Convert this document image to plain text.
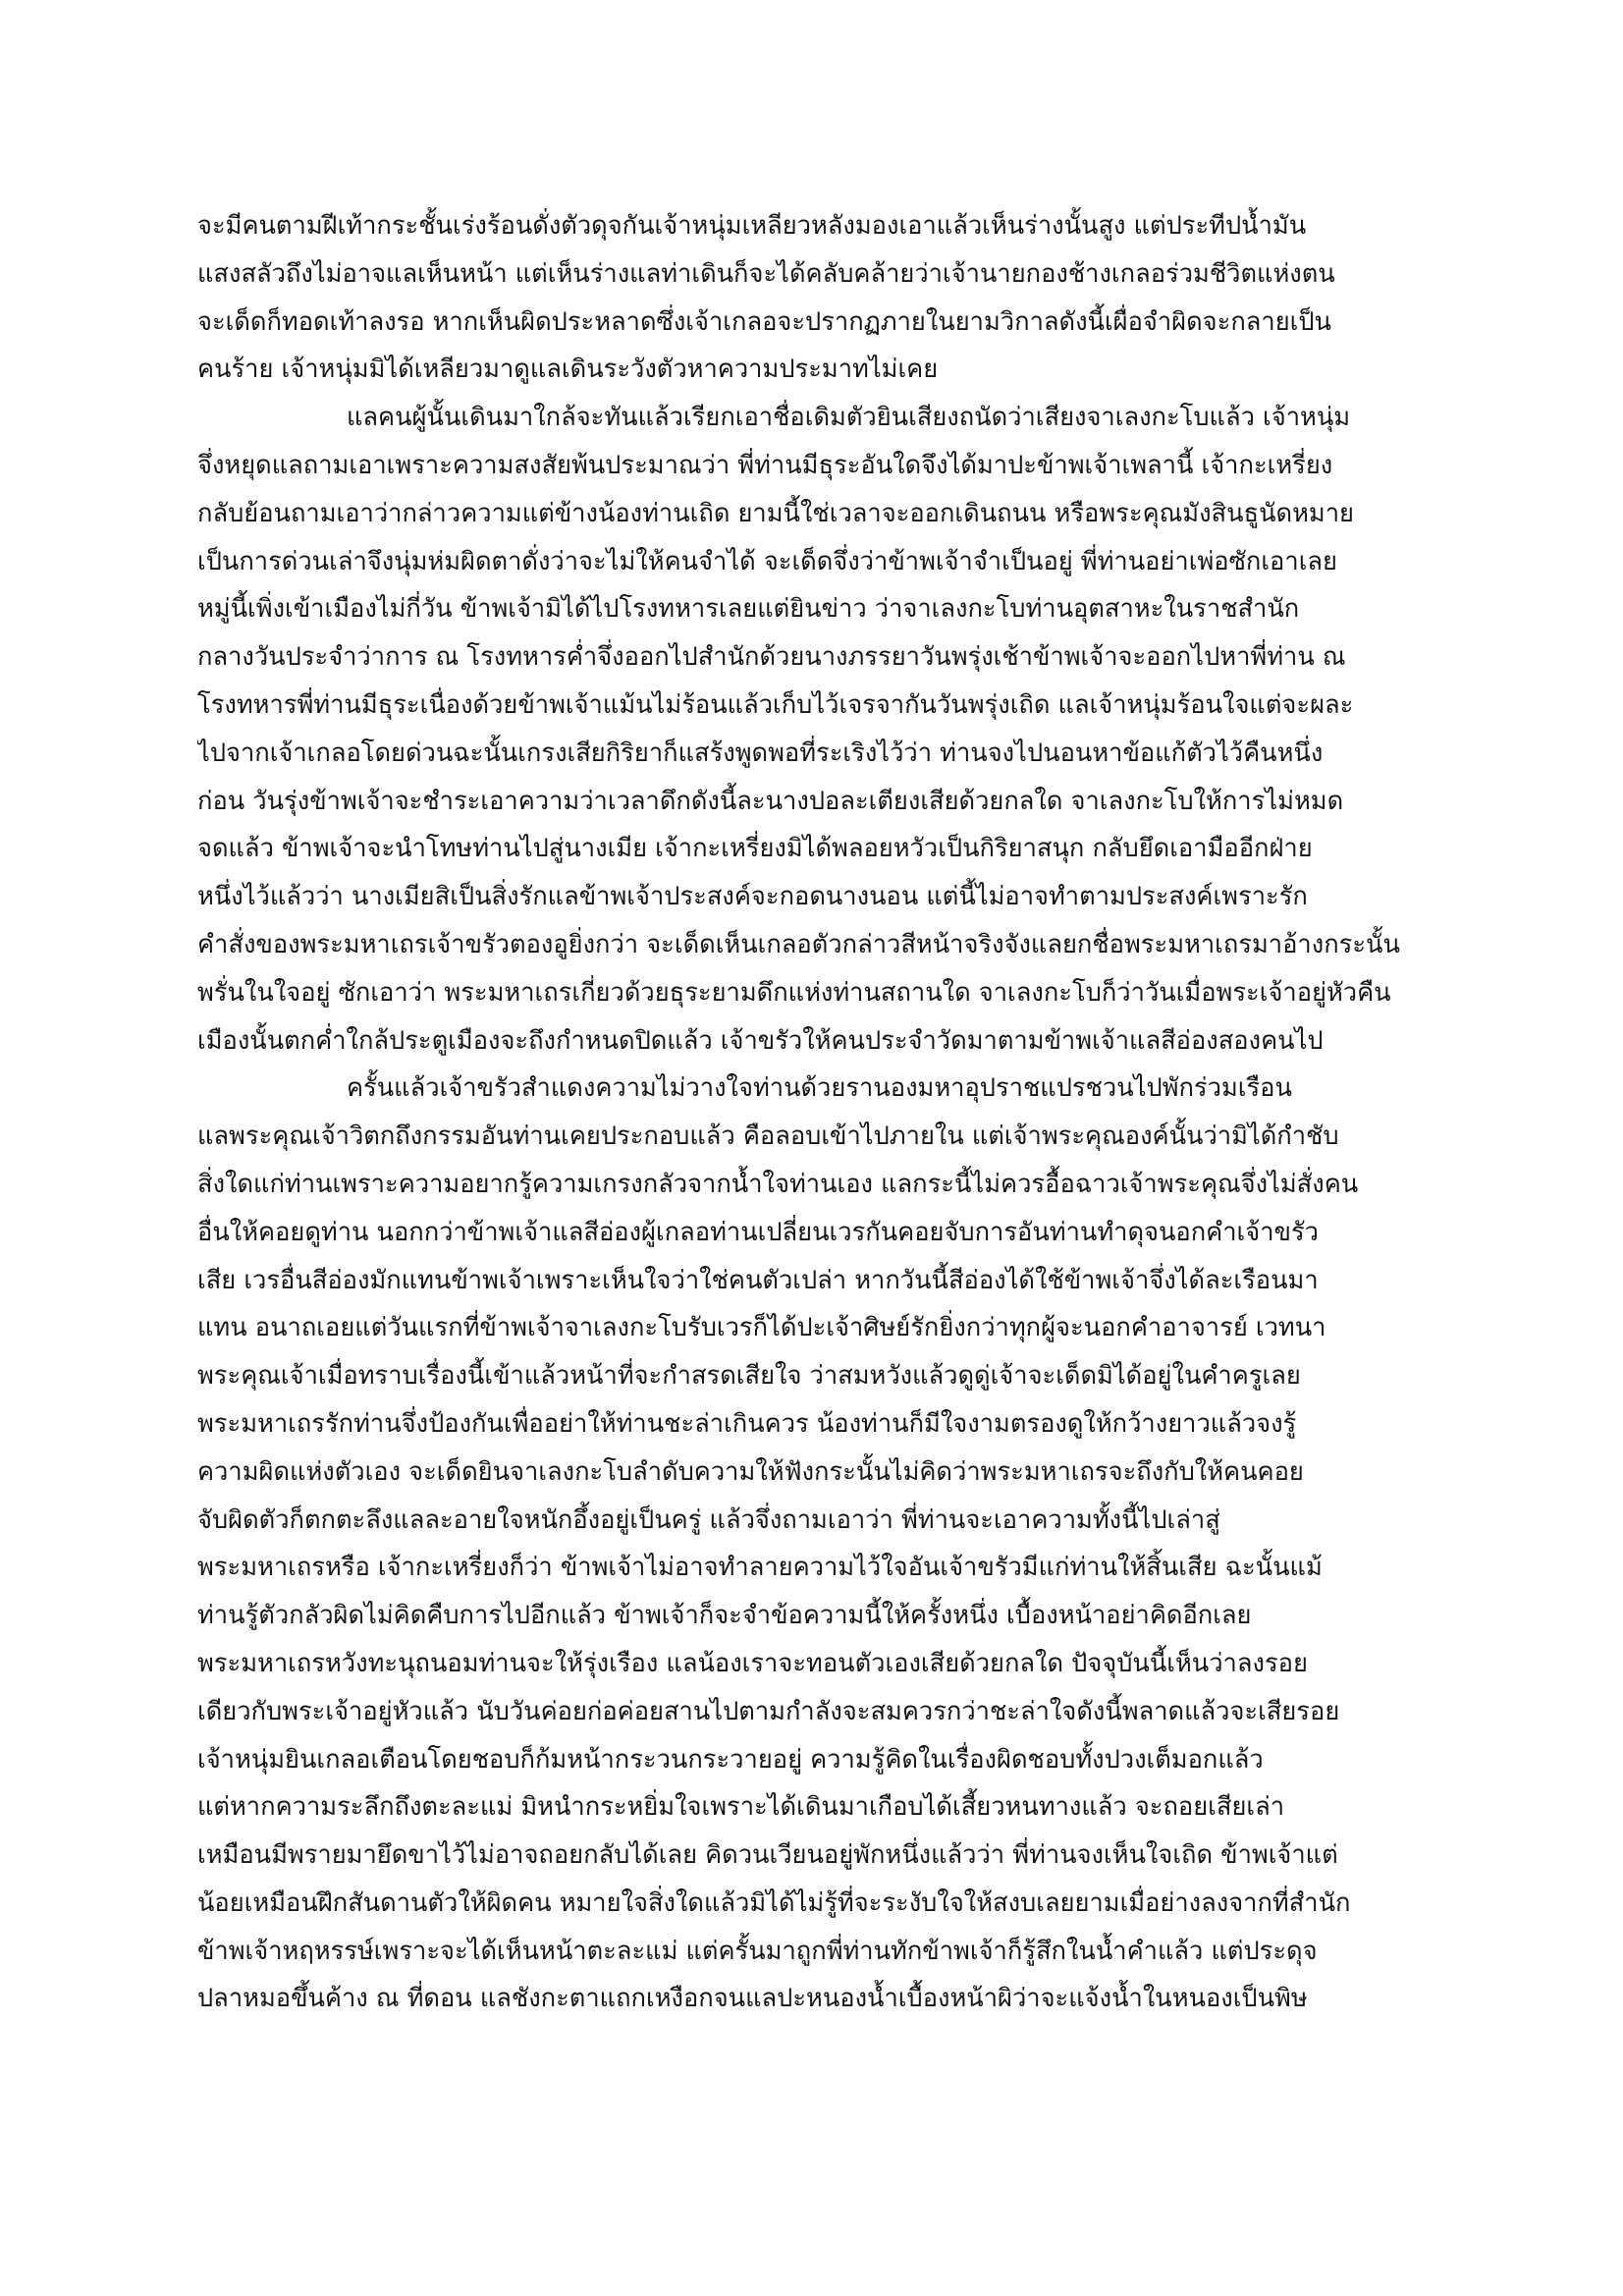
จะมีคนตามฝีเท้ากระชั้นเร่งร้อนดั่งตัวดุจกันเจ้าหนุ่มเหลียวหลังมองเอาแล้วเห็นร่างนั้นสูง แต่ประทีปน้ำมัน
แสงสลัวถึงไม่อาจแลเห็นหน้า แต่เห็นร่างแลท่าเดินก็จะได้คลับคล้ายว่าเจ้านายกองช้างเกลอร่วมชีวิตแห่งตน
จะเด็ดก็ทอดเท้าลงรอ หากเห็นผิดประหลาดซึ่งเจ้าเกลอจะปรากฏภายในยามวิกาลดังนี้เผื่อจำผิดจะกลายเป็น
คนร้าย เจ้าหนุ่มมิได้เหลียวมาดูแลเดินระวังตัวหาความประมาทไม่เคย
แลคนผู้นั้นเดินมาใกล้จะทันแล้วเรียกเอาชื่อเดิมตัวยินเสียงถนัดว่าเสียงจาเลงกะโบแล้ว เจ้าหนุ่ม
จึ่งหยุดแลถามเอาเพราะความสงสัยพ้นประมาณว่า พี่ท่านมีธุระอันใดจึงได้มาปะข้าพเจ้าเพลานี้ เจ้ากะเหรี่ยง
กลับย้อนถามเอาว่ากล่าวความแต่ข้างน้องท่านเถิด ยามนี้ใช่เวลาจะออกเดินถนน หรือพระคุณมังสินธูนัดหมาย
เป็นการด่วนเล่าจึงนุ่มห่มผิดตาดั่งว่าจะไม่ให้คนจำได้ จะเด็ดจึ่งว่าข้าพเจ้าจำเป็นอยู่ พี่ท่านอย่าเพ่อซักเอาเลย
หมู่นี้เพิ่งเข้าเมืองไม่กี่วัน ข้าพเจ้ามิได้ไปโรงทหารเลยแต่ยินข่าว ว่าจาเลงกะโบท่านอุตสาหะในราชสำนัก
กลางวันประจำว่าการ ณ โรงทหารค่ำจึ่งออกไปสำนักด้วยนางภรรยาวันพรุ่งเช้าข้าพเจ้าจะออกไปหาพี่ท่าน ณ
โรงทหารพี่ท่านมีธุระเนื่องด้วยข้าพเจ้าแม้นไม่ร้อนแล้วเก็บไว้เจรจากันวันพรุ่งเถิด แลเจ้าหนุ่มร้อนใจแต่จะผละ
ไปจากเจ้าเกลอโดยด่วนฉะนั้นเกรงเสียกิริยาก็แสร้งพูดพอที่ระเริงไว้ว่า ท่านจงไปนอนหาข้อแก้ตัวไว้คืนหนึ่ง
ก่อน วันรุ่งข้าพเจ้าจะชำระเอาความว่าเวลาดึกดังนี้ละนางปอละเตียงเสียด้วยกลใด จาเลงกะโบให้การไม่หมด
จดแล้ว ข้าพเจ้าจะนำโทษท่านไปสู่นางเมีย เจ้ากะเหรี่ยงมิได้พลอยหวัวเป็นกิริยาสนุก กลับยึดเอามืออีกฝ่าย
หนึ่งไว้แล้วว่า นางเมียสิเป็นสิ่งรักแลข้าพเจ้าประสงค์จะกอดนางนอน แต่นี้ไม่อาจทำตามประสงค์เพราะรัก
คำสั่งของพระมหาเถรเจ้าขรัวตองอูยิ่งกว่า จะเด็ดเห็นเกลอตัวกล่าวสีหน้าจริงจังแลยกชื่อพระมหาเถรมาอ้างกระนั้น
พรั่นในใจอยู่ ซักเอาว่า พระมหาเถรเกี่ยวด้วยธุระยามดึกแห่งท่านสถานใด จาเลงกะโบก็ว่าวันเมื่อพระเจ้าอยู่หัวคืน
เมืองนั้นตกค่ำใกล้ประตูเมืองจะถึงกำหนดปิดแล้ว เจ้าขรัวให้คนประจำวัดมาตามข้าพเจ้าแลสีอ่องสองคนไป
ครั้นแล้วเจ้าขรัวสำแดงความไม่วางใจท่านด้วยรานองมหาอุปราชแปรชวนไปพักร่วมเรือน
แลพระคุณเจ้าวิตกถึงกรรมอันท่านเคยประกอบแล้ว คือลอบเข้าไปภายใน แต่เจ้าพระคุณองค์นั้นว่ามิได้กำชับ
สิ่งใดแก่ท่านเพราะความอยากรู้ความเกรงกลัวจากน้ำใจท่านเอง แลกระนี้ไม่ควรอื้อฉาวเจ้าพระคุณจึ่งไม่สั่งคน
อื่นให้คอยดูท่าน นอกกว่าข้าพเจ้าแลสีอ่องผู้เกลอท่านเปลี่ยนเวรกันคอยจับการอันท่านทำดุจนอกคำเจ้าขรัว
เสีย เวรอื่นสีอ่องมักแทนข้าพเจ้าเพราะเห็นใจว่าใช่คนตัวเปล่า หากวันนี้สีอ่องได้ใช้ข้าพเจ้าจึ่งได้ละเรือนมา
แทน อนาถเอยแต่วันแรกที่ข้าพเจ้าจาเลงกะโบรับเวรก็ได้ปะเจ้าศิษย์รักยิ่งกว่าทุกผู้จะนอกคำอาจารย์ เวทนา
พระคุณเจ้าเมื่อทราบเรื่องนี้เข้าแล้วหน้าที่จะกำสรดเสียใจ ว่าสมหวังแล้วดูดู่เจ้าจะเด็ดมิได้อยู่ในคำครูเลย
พระมหาเถรรักท่านจึ่งป้องกันเพื่ออย่าให้ท่านชะล่าเกินควร น้องท่านก็มีใจงามตรองดูให้กว้างยาวแล้วจงรู้
ความผิดแห่งตัวเอง จะเด็ดยินจาเลงกะโบลำดับความให้ฟังกระนั้นไม่คิดว่าพระมหาเถรจะถึงกับให้คนคอย
จับผิดตัวก็ตกตะลึงแลละอายใจหนักอึ้งอยู่เป็นครู่ แล้วจึ่งถามเอาว่า พี่ท่านจะเอาความทั้งนี้ไปเล่าสู่
พระมหาเถรหรือ เจ้ากะเหรี่ยงก็ว่า ข้าพเจ้าไม่อาจทำลายความไว้ใจอันเจ้าขรัวมีแก่ท่านให้สิ้นเสีย ฉะนั้นแม้
ท่านรู้ตัวกลัวผิดไม่คิดคืบการไปอีกแล้ว ข้าพเจ้าก็จะจำข้อความนี้ให้ครั้งหนึ่ง เบื้องหน้าอย่าคิดอีกเลย
พระมหาเถรหวังทะนุถนอมท่านจะให้รุ่งเรือง แลน้องเราจะทอนตัวเองเสียด้วยกลใด ปัจจุบันนี้เห็นว่าลงรอย
เดียวกับพระเจ้าอยู่หัวแล้ว นับวันค่อยก่อค่อยสานไปตามกำลังจะสมควรกว่าชะล่าใจดังนี้พลาดแล้วจะเสียรอย
เจ้าหนุ่มยินเกลอเตือนโดยชอบก็ก้มหน้ากระวนกระวายอยู่ ความรู้คิดในเรื่องผิดชอบทั้งปวงเต็มอกแล้ว
แต่หากความระลึกถึงตะละแม่ มิหนำกระหยิ่มใจเพราะได้เดินมาเกือบได้เสี้ยวหนทางแล้ว จะถอยเสียเล่า
เหมือนมีพรายมายึดขาไว้ไม่อาจถอยกลับได้เลย คิดวนเวียนอยู่พักหนึ่งแล้วว่า พี่ท่านจงเห็นใจเถิด ข้าพเจ้าแต่
น้อยเหมือนฝึกสันดานตัวให้ผิดคน หมายใจสิ่งใดแล้วมิได้ไม่รู้ที่จะระงับใจให้สงบเลยยามเมื่อย่างลงจากที่สำนัก
ข้าพเจ้าหฤหรรษ์เพราะจะได้เห็นหน้าตะละแม่ แต่ครั้นมาถูกพี่ท่านทักข้าพเจ้าก็รู้สึกในน้ำคำแล้ว แต่ประดุจ
ปลาหมอขึ้นค้าง ณ ที่ดอน แลชังกะตาแถกเหงือกจนแลปะหนองน้ำเบื้องหน้าผิว่าจะแจ้งน้ำในหนองเป็นพิษ
